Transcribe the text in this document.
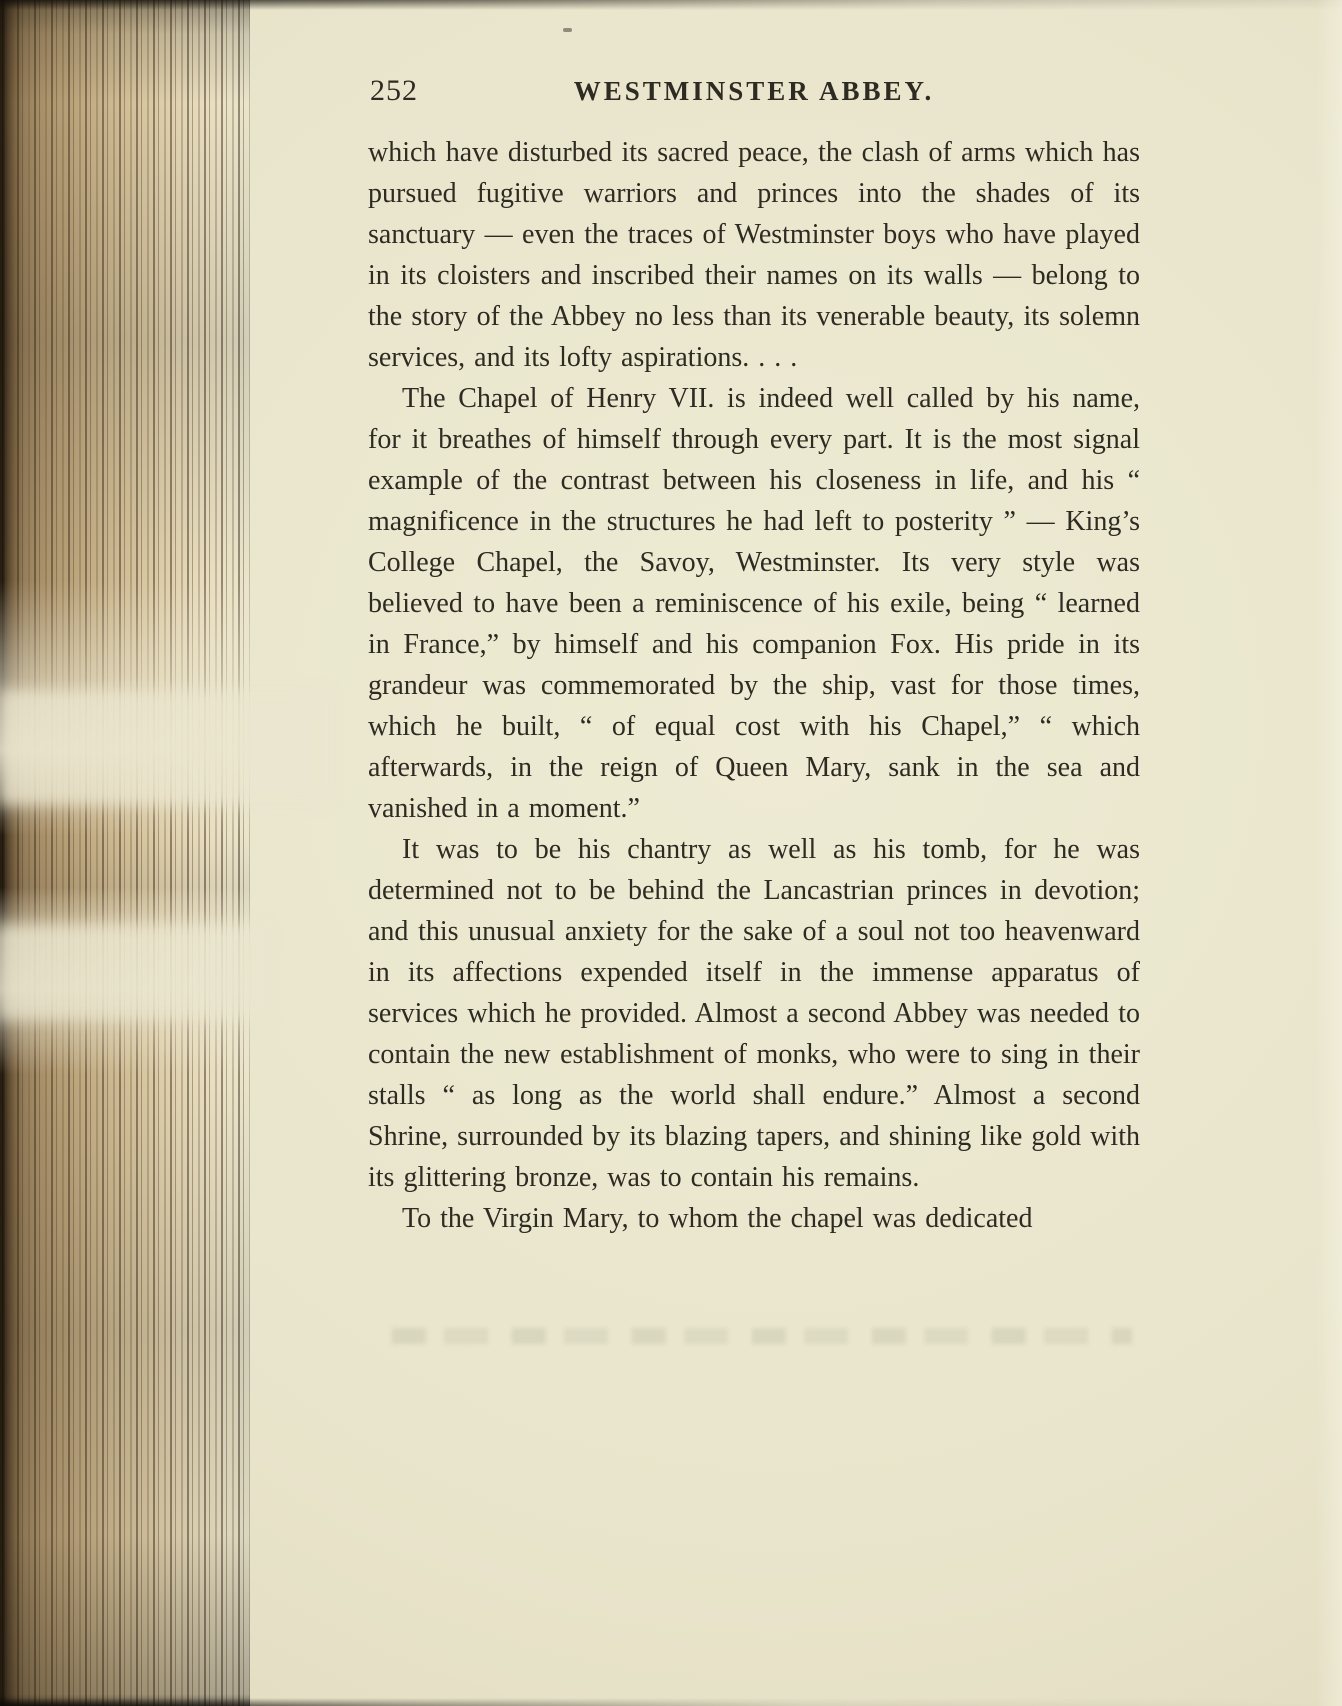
252	WESTMINSTER ABBEY.

which have disturbed its sacred peace, the clash of arms which has pursued fugitive warriors and princes into the shades of its sanctuary — even the traces of Westminster boys who have played in its cloisters and inscribed their names on its walls — belong to the story of the Abbey no less than its venerable beauty, its solemn services, and its lofty aspirations. . . .

The Chapel of Henry VII. is indeed well called by his name, for it breathes of himself through every part. It is the most signal example of the contrast between his closeness in life, and his “ magnificence in the structures he had left to posterity ” — King’s College Chapel, the Savoy, Westminster. Its very style was believed to have been a reminiscence of his exile, being “ learned in France,” by himself and his companion Fox. His pride in its grandeur was commemorated by the ship, vast for those times, which he built, “ of equal cost with his Chapel,” “ which afterwards, in the reign of Queen Mary, sank in the sea and vanished in a moment.”

It was to be his chantry as well as his tomb, for he was determined not to be behind the Lancastrian princes in devotion; and this unusual anxiety for the sake of a soul not too heavenward in its affections expended itself in the immense apparatus of services which he provided. Almost a second Abbey was needed to contain the new establishment of monks, who were to sing in their stalls “ as long as the world shall endure.” Almost a second Shrine, surrounded by its blazing tapers, and shining like gold with its glittering bronze, was to contain his remains.

To the Virgin Mary, to whom the chapel was dedicated
